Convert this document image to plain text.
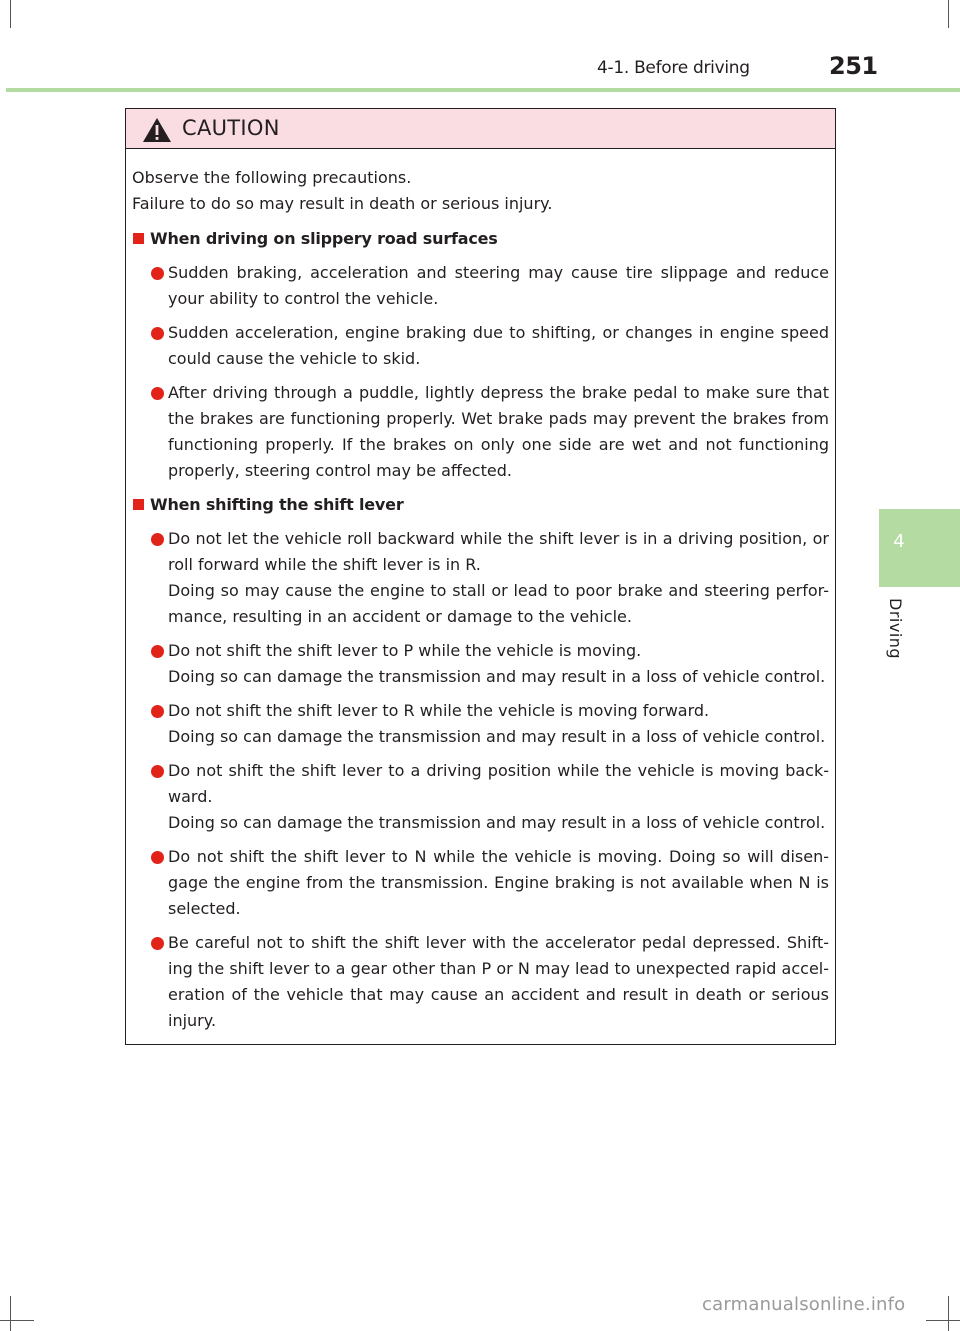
4-1. Before driving	251
4
Driving
CAUTION

Observe the following precautions.

Failure to do so may result in death or serious injury.

When driving on slippery road surfaces

Sudden braking, acceleration and steering may cause tire slippage and reduce your ability to control the vehicle.

Sudden acceleration, engine braking due to shifting, or changes in engine speed could cause the vehicle to skid.

After driving through a puddle, lightly depress the brake pedal to make sure that the brakes are functioning properly. Wet brake pads may prevent the brakes from functioning properly. If the brakes on only one side are wet and not functioning properly, steering control may be affected.

When shifting the shift lever

Do not let the vehicle roll backward while the shift lever is in a driving position, or roll forward while the shift lever is in R.

Doing so may cause the engine to stall or lead to poor brake and steering perfor-mance, resulting in an accident or damage to the vehicle.

Do not shift the shift lever to P while the vehicle is moving.

Doing so can damage the transmission and may result in a loss of vehicle control.

Do not shift the shift lever to R while the vehicle is moving forward.

Doing so can damage the transmission and may result in a loss of vehicle control.

Do not shift the shift lever to a driving position while the vehicle is moving back-ward.

Doing so can damage the transmission and may result in a loss of vehicle control.

Do not shift the shift lever to N while the vehicle is moving. Doing so will disen-gage the engine from the transmission. Engine braking is not available when N is selected.

Be careful not to shift the shift lever with the accelerator pedal depressed. Shift-ing the shift lever to a gear other than P or N may lead to unexpected rapid accel-eration of the vehicle that may cause an accident and result in death or serious injury.

carmanualsonline.info
